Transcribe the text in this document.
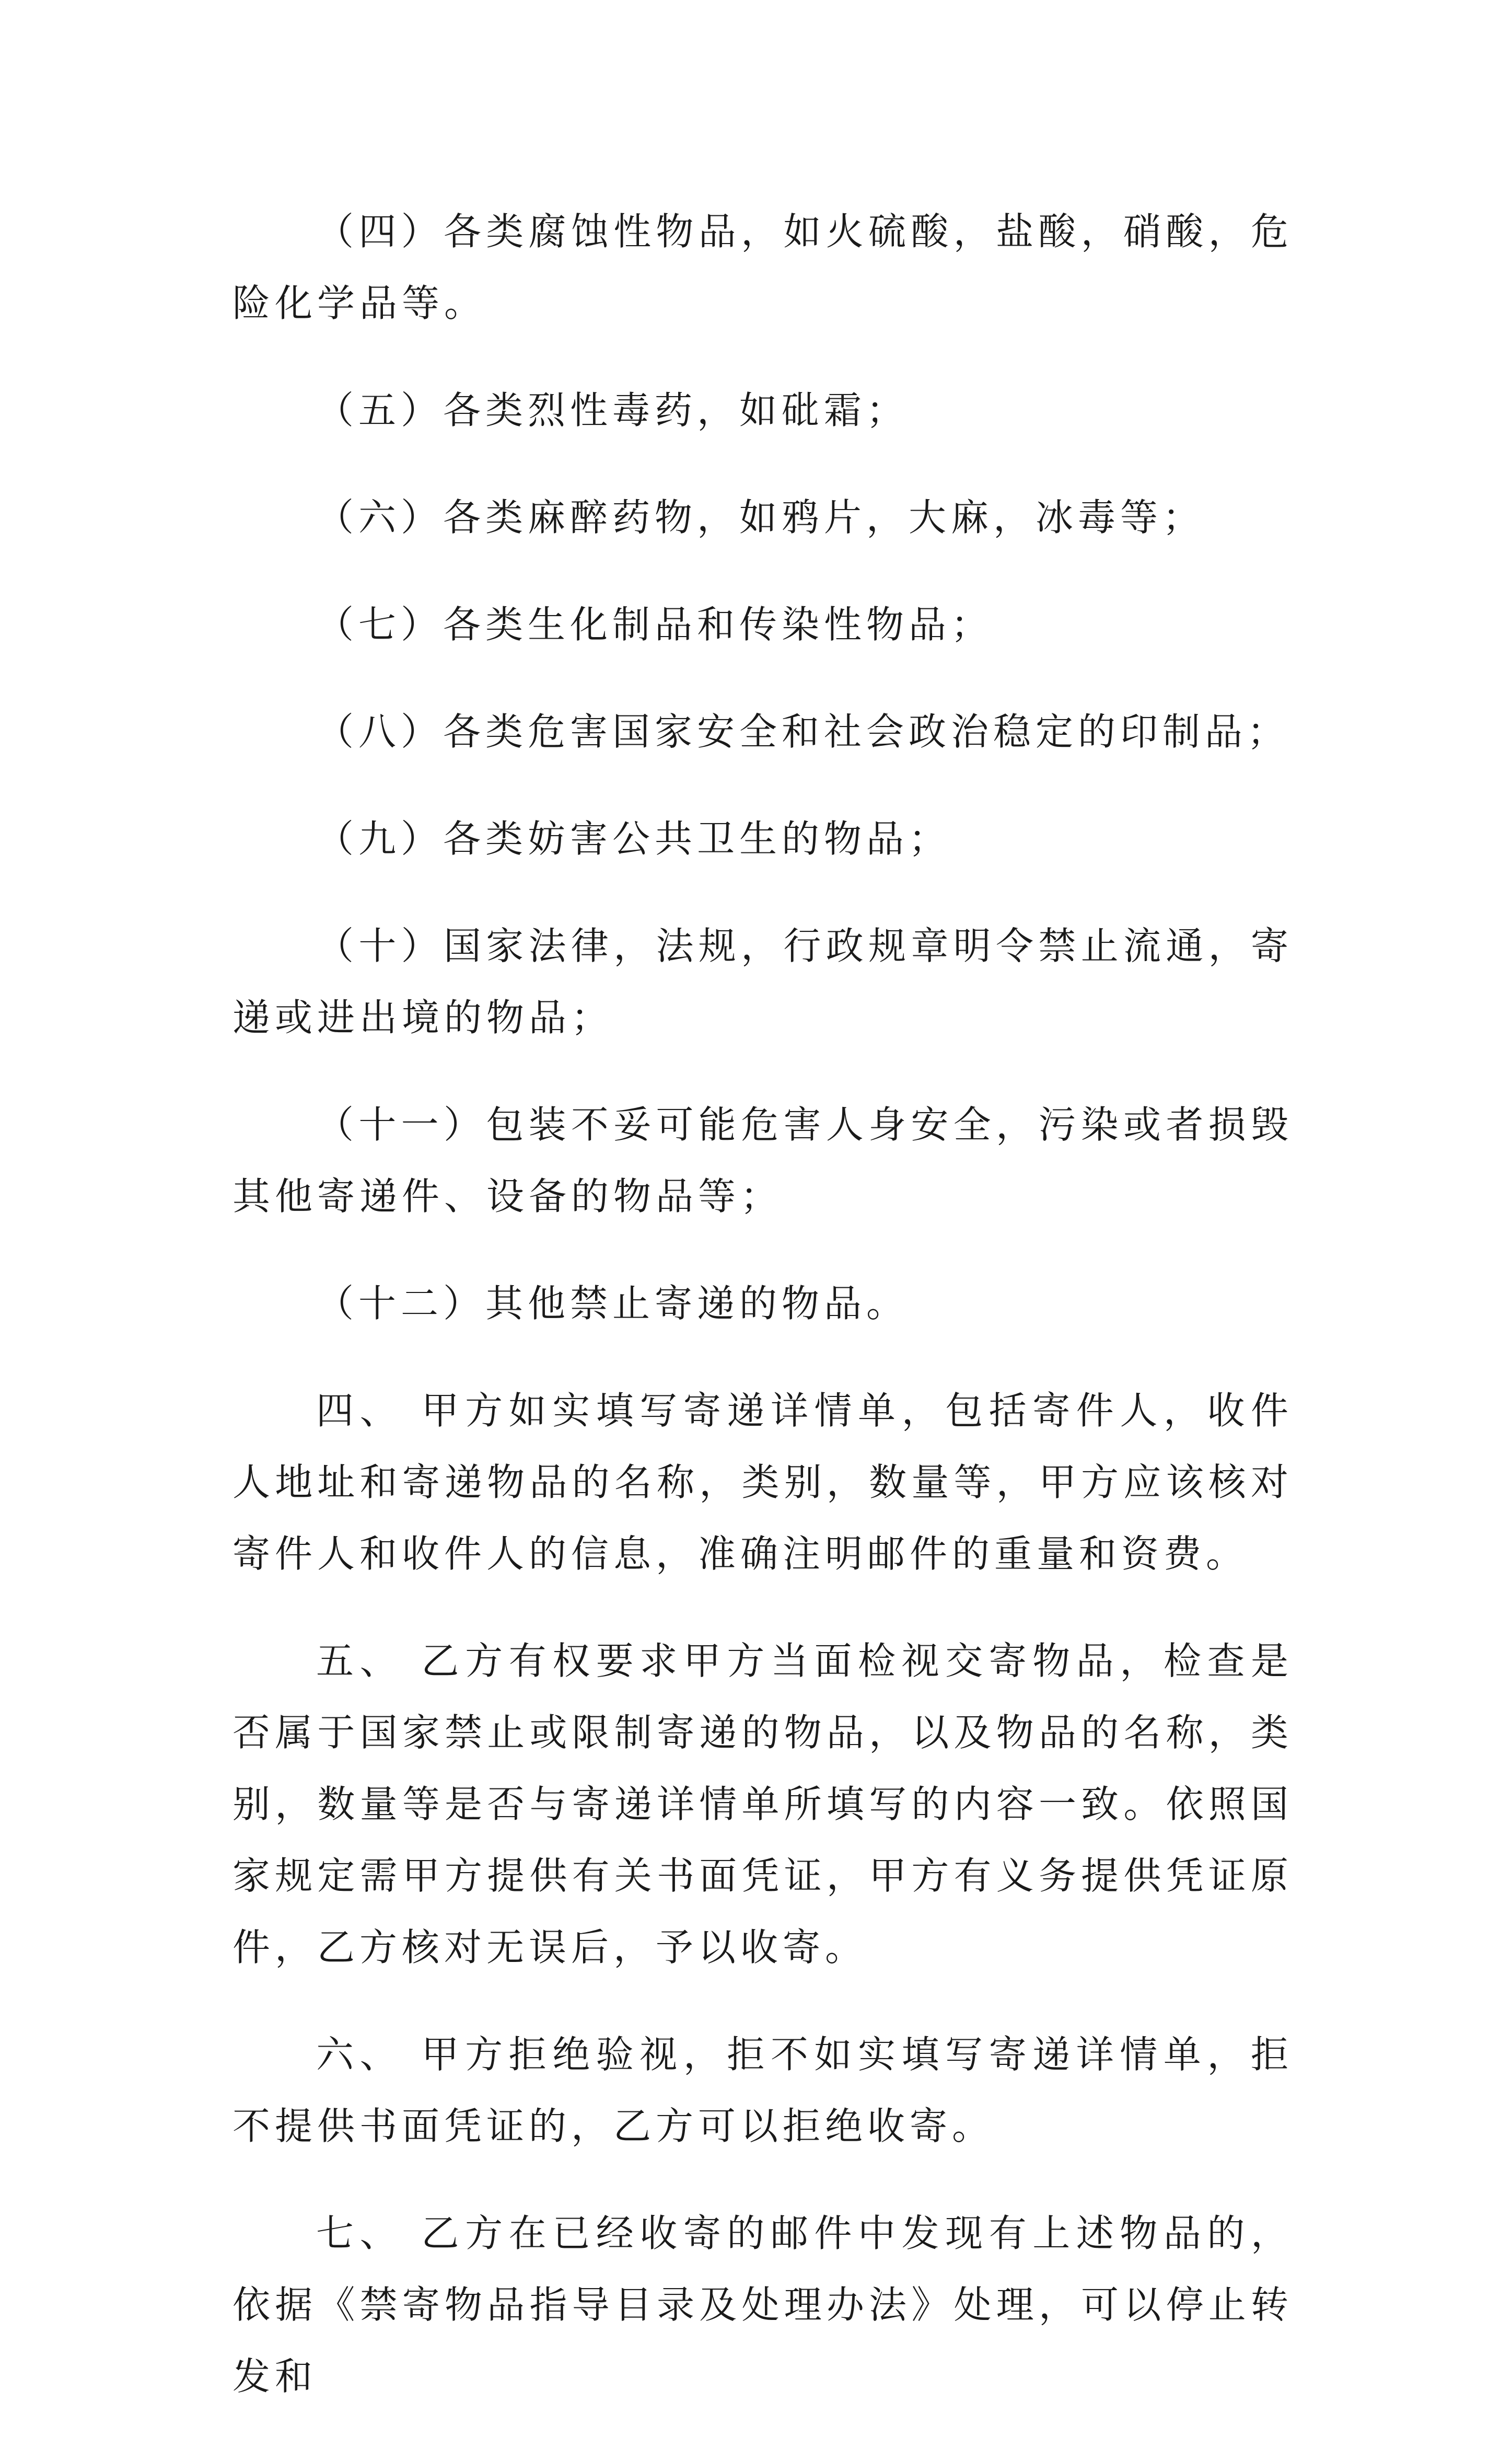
（四）各类腐蚀性物品，如火硫酸，盐酸，硝酸，危险化学品等。

（五）各类烈性毒药，如砒霜；

（六）各类麻醉药物，如鸦片，大麻，冰毒等；

（七）各类生化制品和传染性物品；

（八）各类危害国家安全和社会政治稳定的印制品；

（九）各类妨害公共卫生的物品；

（十）国家法律，法规，行政规章明令禁止流通，寄递或进出境的物品；

（十一）包装不妥可能危害人身安全，污染或者损毁其他寄递件、设备的物品等；

（十二）其他禁止寄递的物品。

四、 甲方如实填写寄递详情单，包括寄件人，收件人地址和寄递物品的名称，类别，数量等，甲方应该核对寄件人和收件人的信息，准确注明邮件的重量和资费。

五、 乙方有权要求甲方当面检视交寄物品，检查是否属于国家禁止或限制寄递的物品，以及物品的名称，类别，数量等是否与寄递详情单所填写的内容一致。依照国家规定需甲方提供有关书面凭证，甲方有义务提供凭证原件，乙方核对无误后，予以收寄。

六、 甲方拒绝验视，拒不如实填写寄递详情单，拒不提供书面凭证的，乙方可以拒绝收寄。

七、 乙方在已经收寄的邮件中发现有上述物品的，依据《禁寄物品指导目录及处理办法》处理，可以停止转发和
